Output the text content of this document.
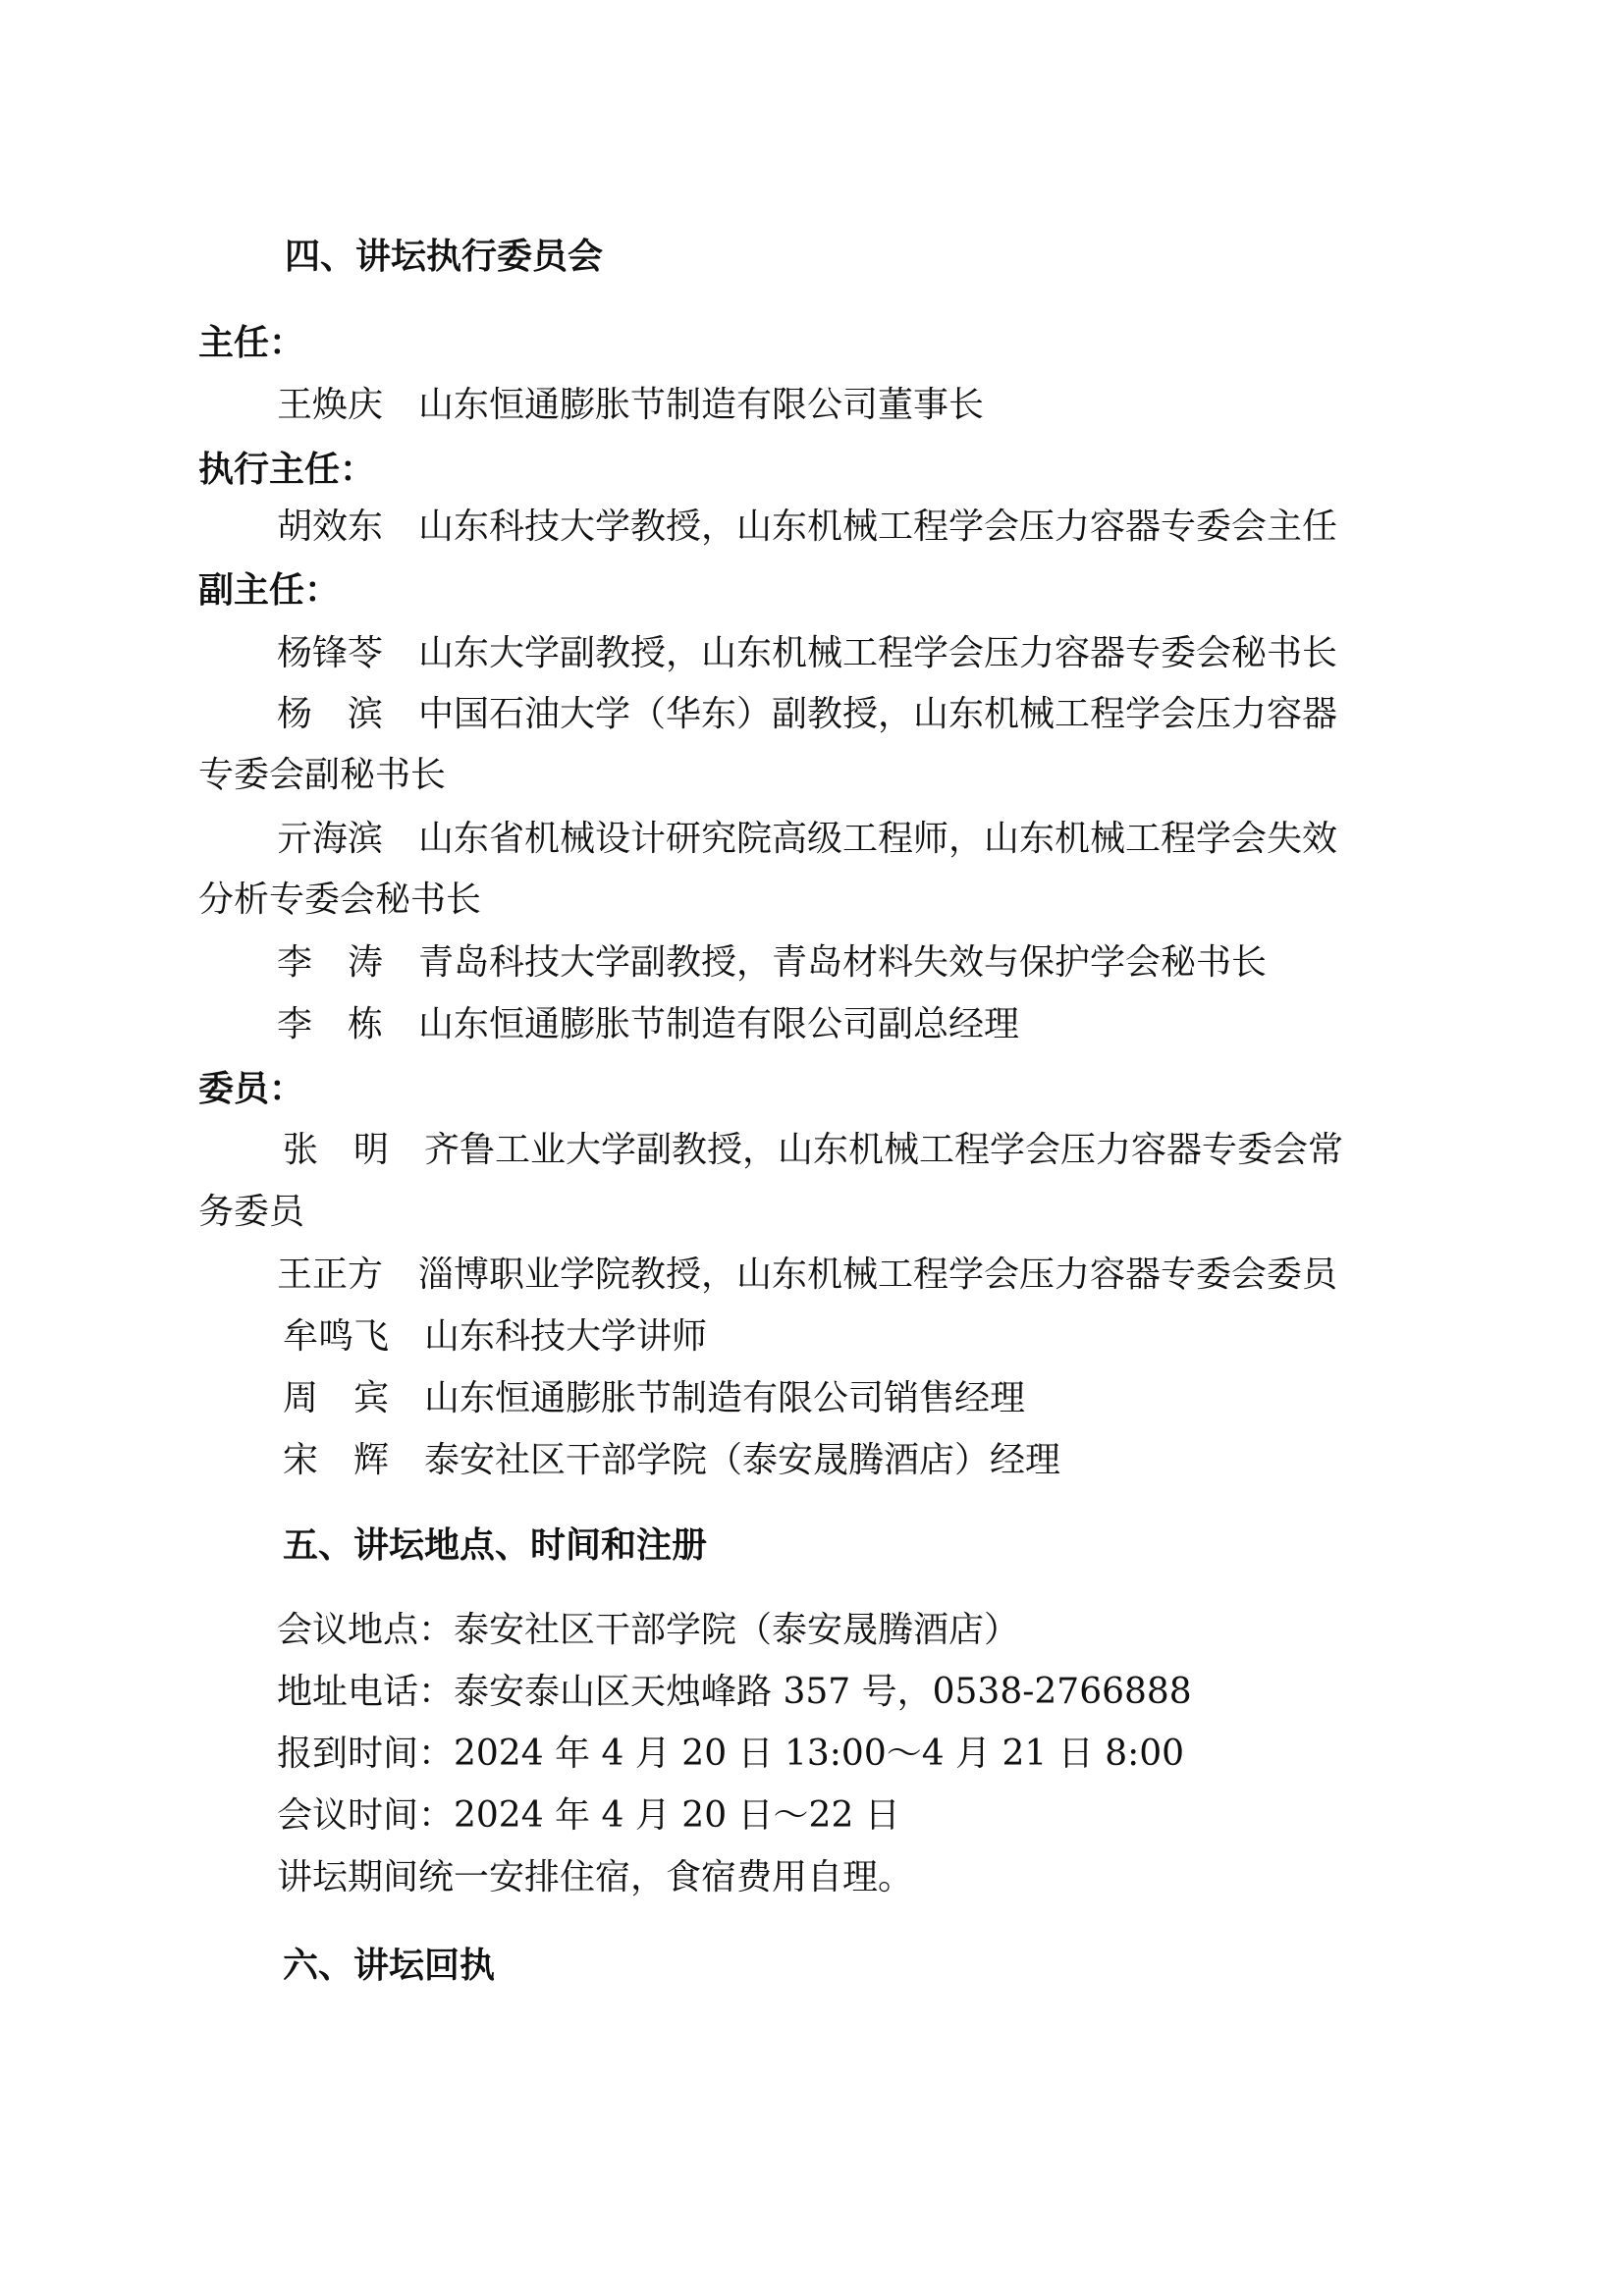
四、讲坛执行委员会
主任：
王焕庆 山东恒通膨胀节制造有限公司董事长
执行主任：
胡效东 山东科技大学教授，山东机械工程学会压力容器专委会主任
副主任：
杨锋苓 山东大学副教授，山东机械工程学会压力容器专委会秘书长
杨　滨 中国石油大学（华东）副教授，山东机械工程学会压力容器
专委会副秘书长
亓海滨 山东省机械设计研究院高级工程师，山东机械工程学会失效
分析专委会秘书长
李　涛 青岛科技大学副教授，青岛材料失效与保护学会秘书长
李　栋 山东恒通膨胀节制造有限公司副总经理
委员：
张　明 齐鲁工业大学副教授，山东机械工程学会压力容器专委会常
务委员
王正方 淄博职业学院教授，山东机械工程学会压力容器专委会委员
牟鸣飞 山东科技大学讲师
周　宾 山东恒通膨胀节制造有限公司销售经理
宋　辉 泰安社区干部学院（泰安晟腾酒店）经理
五、讲坛地点、时间和注册
会议地点：泰安社区干部学院（泰安晟腾酒店）
地址电话：泰安泰山区天烛峰路 357 号，0538-2766888
报到时间：2024 年 4 月 20 日 13:00～4 月 21 日 8:00
会议时间：2024 年 4 月 20 日～22 日
讲坛期间统一安排住宿，食宿费用自理。
六、讲坛回执
